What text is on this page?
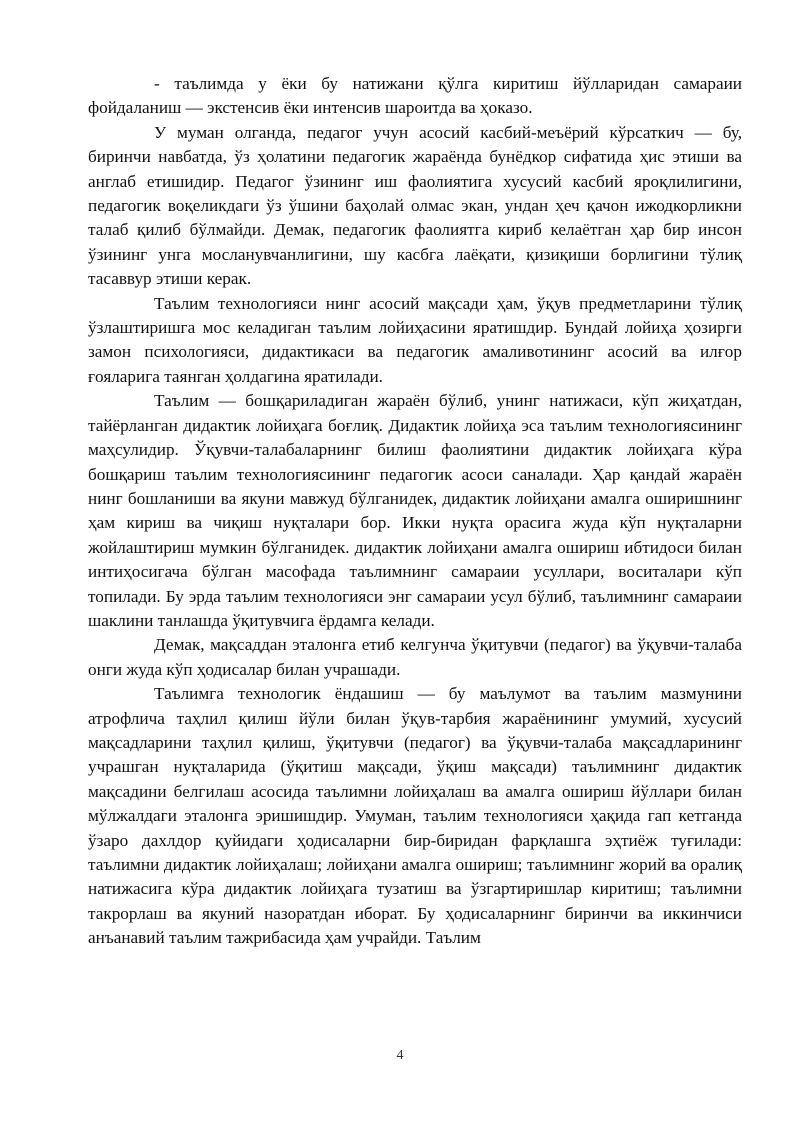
- таълимда у ёки бу натижани қўлга киритиш йўлларидан самараии фойдаланиш — экстенсив ёки интенсив шароитда ва ҳоказо.

У муман олганда, педагог учун асосий касбий-меъёрий кўрсаткич — бу, биринчи навбатда, ўз ҳолатини педагогик жараёнда бунёдкор сифатида ҳис этиши ва англаб етишидир. Педагог ўзининг иш фаолиятига хусусий касбий ярoқлилигини, педагогик воқеликдаги ўз ўшини баҳолай олмас экан, ундан ҳеч қачон ижодкорликни талаб қилиб бўлмайди. Демак, педагогик фаолиятга кириб келаётган ҳар бир инсон ўзининг унга мосланувчанлигини, шу касбга лаёқати, қизиқиши борлигини тўлиқ тасаввур этиши керак.

Таълим технологияси нинг асосий мақсади ҳам, ўқув предметларини тўлиқ ўзлаштиришга мос келадиган таълим лойиҳасини яратишдир. Бундай лойиҳа ҳозирги замон психологияси, дидактикаси ва педагогик амаливотининг асосий ва илғор ғояларига таянган ҳолдагина яратилади.

Таълим — бошқариладиган жараён бўлиб, унинг натижаси, кўп жиҳатдан, тайёрланган дидактик лойиҳага боғлиқ. Дидактик лойиҳа эса таълим технологиясининг маҳсулидир. Ўқувчи-талабаларнинг билиш фаолиятини дидактик лойиҳага кўра бошқариш таълим технологиясининг педагогик асоси саналади. Ҳар қандай жараён нинг бошланиши ва якуни мавжуд бўлганидек, дидактик лойиҳани амалга оширишнинг ҳам кириш ва чиқиш нуқталари бор. Икки нуқта орасига жуда кўп нуқталарни жойлаштириш мумкин бўлганидек. дидактик лойиҳани амалга ошириш ибтидоси билан интиҳосигача бўлган масофада таълимнинг самараии усуллари, воситалари кўп топилади. Бу эрда таълим технологияси энг самараии усул бўлиб, таълимнинг самараии шаклини танлашда ўқитувчига ёрдамга келади.

Демак, мақсаддан эталонга етиб келгунча ўқитувчи (педагог) ва ўқувчи-талаба онги жуда кўп ҳодисалар билан учрашади.

Таълимга технологик ёндашиш — бу маълумот ва таълим мазмунини атрофлича таҳлил қилиш йўли билан ўқув-тарбия жараёнининг умумий, хусусий мақсадларини таҳлил қилиш, ўқитувчи (педагог) ва ўқувчи-талаба мақсадларининг учрашган нуқталарида (ўқитиш мақсади, ўқиш мақсади) таълимнинг дидактик мақсадини белгилаш асосида таълимни лойиҳалаш ва амалга ошириш йўллари билан мўлжалдаги эталонга эришишдир. Умуман, таълим технологияси ҳақида гап кетганда ўзаро дахлдор қуйидаги ҳодисаларни бир-биридан фарқлашга эҳтиёж туғилади: таълимни дидактик лойиҳалаш; лойиҳани амалга ошириш; таълимнинг жорий ва оралиқ натижасига кўра дидактик лойиҳага тузатиш ва ўзгартиришлар киритиш; таълимни такрорлаш ва якуний назоратдан иборат. Бу ҳодисаларнинг биринчи ва иккинчиси анъанавий таълим тажрибасида ҳам учрайди. Таълим

4
